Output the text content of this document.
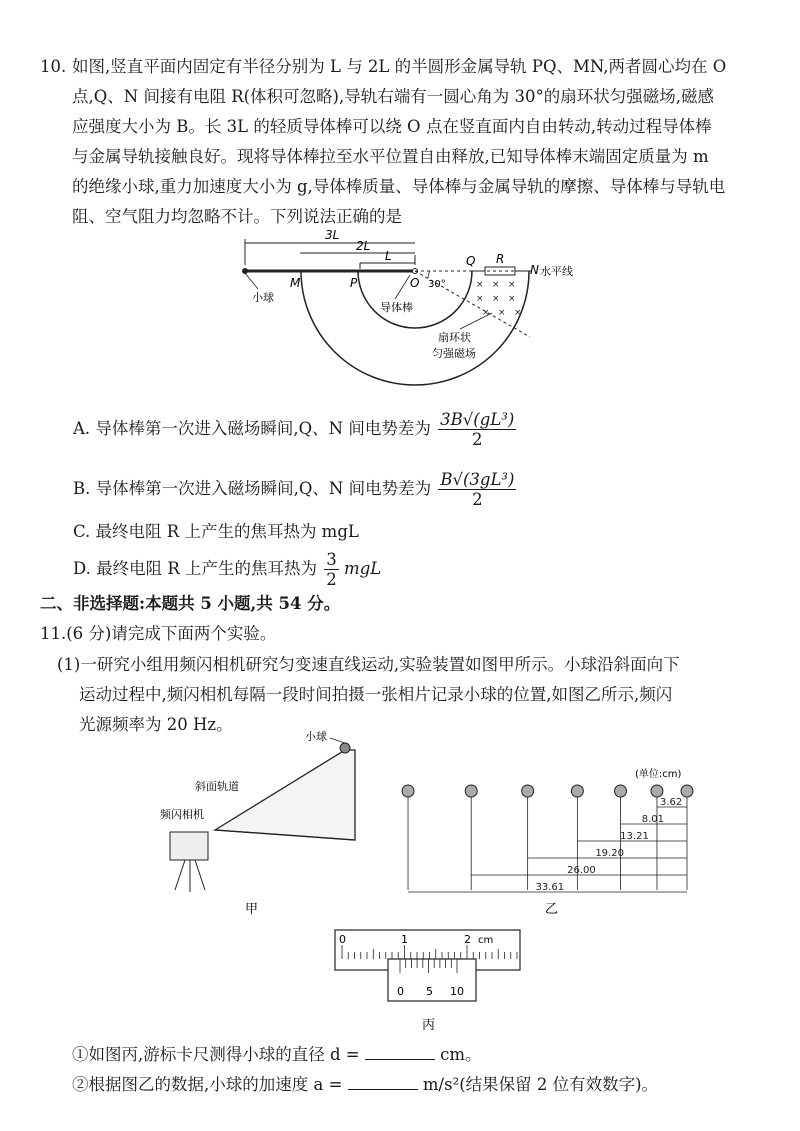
10. 如图,竖直平面内固定有半径分别为 L 与 2L 的半圆形金属导轨 PQ、MN,两者圆心均在 O
点,Q、N 间接有电阻 R(体积可忽略),导轨右端有一圆心角为 30°的扇环状匀强磁场,磁感
应强度大小为 B。长 3L 的轻质导体棒可以绕 O 点在竖直面内自由转动,转动过程导体棒
与金属导轨接触良好。现将导体棒拉至水平位置自由释放,已知导体棒末端固定质量为 m
的绝缘小球,重力加速度大小为 g,导体棒质量、导体棒与金属导轨的摩擦、导体棒与导轨电
阻、空气阻力均忽略不计。下列说法正确的是
3L
2L
L
× × ×
× × ×
× × ×
M	P	O
Q R
N 水平线
30°
小球
导体棒
扇环状
匀强磁场
A. 导体棒第一次进入磁场瞬间,Q、N 间电势差为 $\frac{\text{3B√(gL³)}}{2}$
B. 导体棒第一次进入磁场瞬间,Q、N 间电势差为 $\frac{\text{B√(3gL³)}}{2}$
C. 最终电阻 R 上产生的焦耳热为 mgL
D. 最终电阻 R 上产生的焦耳热为 $\frac{3}{2}$ mgL
二、非选择题:本题共 5 小题,共 54 分。
11.(6 分)请完成下面两个实验。
(1)一研究小组用频闪相机研究匀变速直线运动,实验装置如图甲所示。小球沿斜面向下
运动过程中,频闪相机每隔一段时间拍摄一张相片记录小球的位置,如图乙所示,频闪
光源频率为 20 Hz。
小球
斜面轨道
频闪相机
甲
(单位:cm)
3.62
8.01
13.21
19.20
26.00
33.61
乙
0	1	2 cm
0 5 10
丙
①如图丙,游标卡尺测得小球的直径 d =	cm。
②根据图乙的数据,小球的加速度 a =	m/s²(结果保留 2 位有效数字)。
